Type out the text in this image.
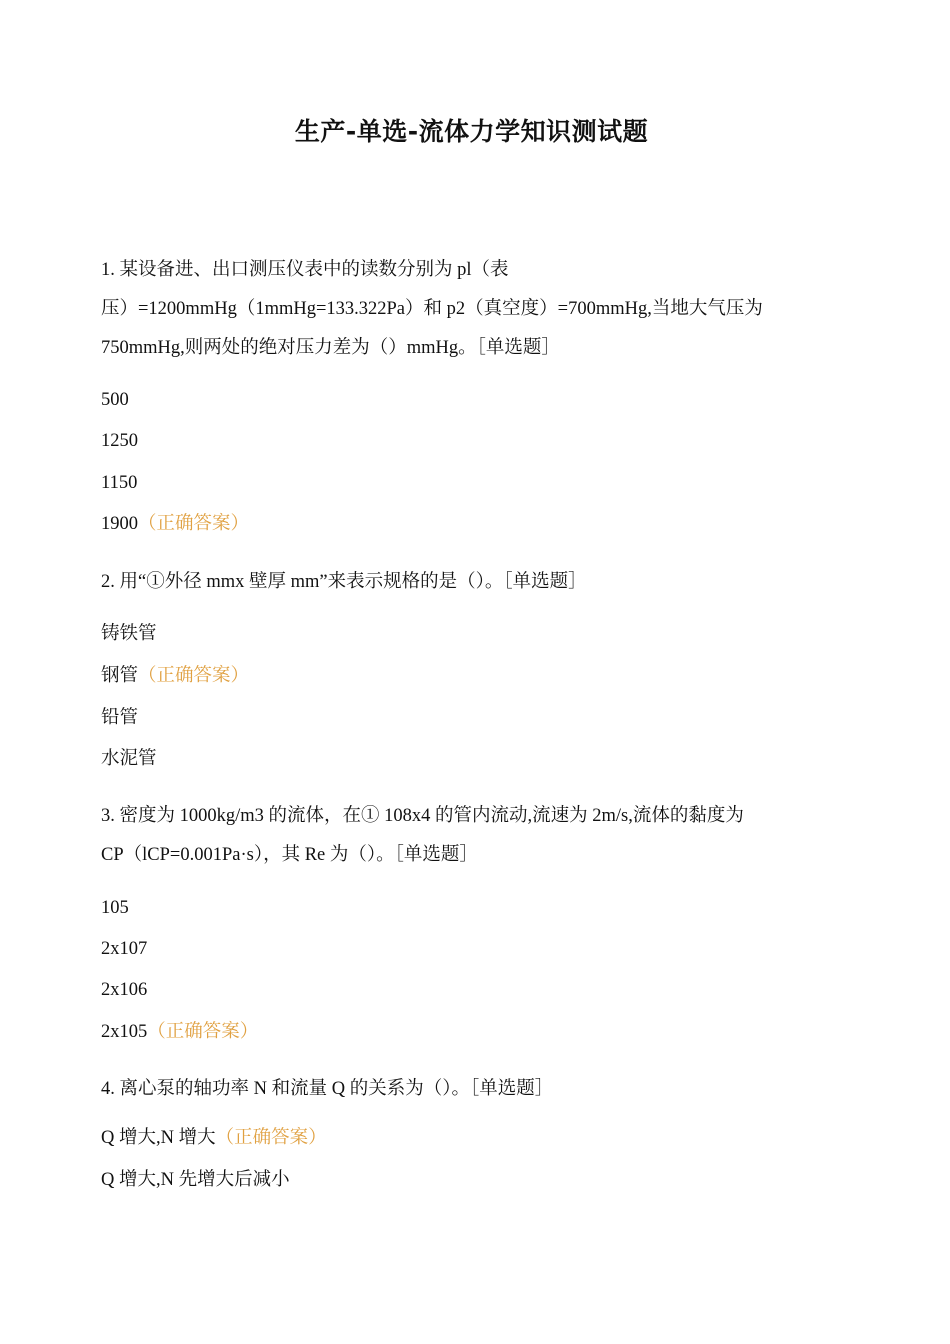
生产-单选-流体力学知识测试题
1. 某设备进、出口测压仪表中的读数分别为 pl（表
压）=1200mmHg（1mmHg=133.322Pa）和 p2（真空度）=700mmHg,当地大气压为
750mmHg,则两处的绝对压力差为（）mmHg。［单选题］
500
1250
1150
1900（正确答案）
2. 用“①外径 mmx 壁厚 mm”来表示规格的是（）。［单选题］
铸铁管
钢管（正确答案）
铅管
水泥管
3. 密度为 1000kg/m3 的流体，在① 108x4 的管内流动,流速为 2m/s,流体的黏度为
CP（lCP=0.001Pa·s），其 Re 为（）。［单选题］
105
2x107
2x106
2x105（正确答案）
4. 离心泵的轴功率 N 和流量 Q 的关系为（）。［单选题］
Q 增大,N 增大（正确答案）
Q 增大,N 先增大后减小
